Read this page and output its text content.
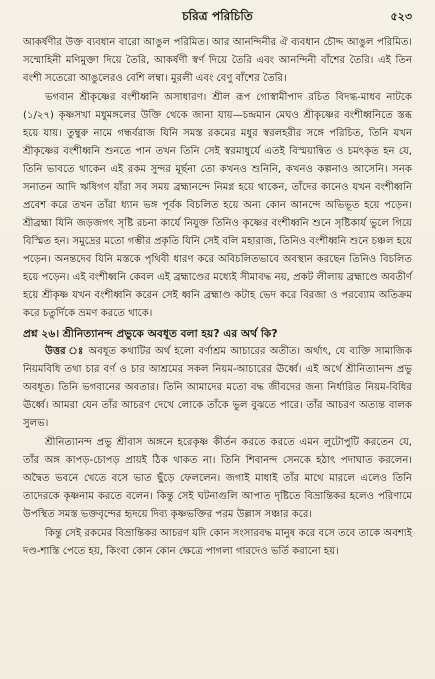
চরিত্র পরিচিতি	৫২৩

আকর্ষণীর উক্ত ব্যবধান বারো আঙুল পরিমিত। আর আনন্দিনীর ঐ ব্যবধান চৌদ্দ আঙুল পরিমিত। সম্মোহিনী মণিমুক্তা দিয়ে তৈরি, আকর্ষণী স্বর্ণ দিয়ে তৈরি এবং আনন্দিনী বাঁশের তৈরি। এই তিন বংশী সতেরো আঙুলেরও বেশি লম্বা। মুরলী এবং বেণু বাঁশের তৈরি।

ভগবান শ্রীকৃষ্ণের বংশীধ্বনি অসাধারণ। শ্রীল রূপ গোস্বামীপাদ রচিত বিদগ্ধ-মাধব নাটকে (১/২৭) কৃষ্ণসখা মধুমঙ্গলের উক্তি থেকে জানা যায়—চন্দ্রমান মেঘও শ্রীকৃষ্ণের বংশীধ্বনিতে স্তব্ধ হয়ে যায়। তুম্বুরু নামে গন্ধর্বরাজ যিনি সমস্ত রকমের মধুর স্বরলহরীর সঙ্গে পরিচিত, তিনি যখন শ্রীকৃষ্ণের বংশীধ্বনি শুনতে পান তখন তিনি সেই স্বরমাধুর্যে এতই বিস্ময়ান্বিত ও চমৎকৃত হন যে, তিনি ভাবতে থাকেন এই রকম সুন্দর মূর্ছনা তো কখনও শুনিনি, কখনও কল্পনাও আসেনি। সনক সনাতন আদি ঋষিগণ যাঁরা সব সময় ব্রহ্মানন্দে নিমগ্ন হয়ে থাকেন, তাঁদের কানেও যখন বংশীধ্বনি প্রবেশ করে তখন তাঁরা ধ্যান ভঙ্গ পূর্বক বিচলিত হয়ে অন্য কোন আনন্দে অভিভূত হয়ে পড়েন। শ্রীব্রহ্মা যিনি জড়জগৎ সৃষ্টি রচনা কার্যে নিযুক্ত তিনিও কৃষ্ণের বংশীধ্বনি শুনে সৃষ্টিকার্য ভুলে গিয়ে বিস্মিত হন। সমুদ্রের মতো গম্ভীর প্রকৃতি যিনি সেই বলি মহারাজ, তিনিও বংশীধ্বনি শুনে চঞ্চল হয়ে পড়েন। অনন্তদেব যিনি মস্তকে পৃথিবী ধারণ করে অবিচলিতভাবে অবস্থান করছেন তিনিও বিচলিত হয়ে পড়েন। এই বংশীধ্বনি কেবল এই ব্রহ্মাণ্ডের মধ্যেই সীমাবদ্ধ নয়, প্রকট লীলায় ব্রহ্মাণ্ডে অবতীর্ণ হয়ে শ্রীকৃষ্ণ যখন বংশীধ্বনি করেন সেই ধ্বনি ব্রহ্মাণ্ড কটাহ ভেদ করে বিরজা ও পরব্যোম অতিক্রম করে চতুর্দিকে ভ্রমণ করতে থাকে।

প্রশ্ন ২৬। শ্রীনিত্যানন্দ প্রভুকে অবধূত বলা হয়? এর অর্থ কি?

উত্তর ঃ অবধূত কথাটির অর্থ হলো বর্ণাশ্রম আচারের অতীত। অর্থাৎ, যে ব্যক্তি সামাজিক নিয়মবিধি তথা চার বর্ণ ও চার আশ্রমের সকল নিয়ম-আচারের ঊর্ধ্বে। এই অর্থে শ্রীনিত্যানন্দ প্রভু অবধূত। তিনি ভগবানের অবতার। তিনি আমাদের মতো বদ্ধ জীবদের জন্য নির্ধারিত নিয়ম-বিধির ঊর্ধ্বে। আমরা যেন তাঁর আচরণ দেখে লোকে তাঁকে ভুল বুঝতে পারে। তাঁর আচরণ অত্যন্ত বালক সুলভ।

শ্রীনিত্যানন্দ প্রভু শ্রীবাস অঙ্গনে হরেকৃষ্ণ কীর্তন করতে করতে এমন লুটোপুটি করতেন যে, তাঁর অঙ্গ কাপড়-চোপড় প্রায়ই ঠিক থাকত না। তিনি শিবানন্দ সেনকে হঠাৎ পদাঘাত করলেন। অদ্বৈত ভবনে খেতে বসে ভাত ছুঁড়ে ফেললেন। জগাই মাধাই তাঁর মাথে মারলে এলেও তিনি তাদেরকে কৃষ্ণনাম করতে বলেন। কিন্তু সেই ঘটনাগুলি আপাত দৃষ্টিতে বিভ্রান্তিকর হলেও পরিণামে উপস্থিত সমস্ত ভক্তবৃন্দের হৃদয়ে দিব্য কৃষ্ণভক্তির পরম উল্লাস সঞ্চার করে।

কিন্তু সেই রকমের বিভ্রান্তিকর আচরণ যদি কোন সংসারবদ্ধ মানুষ করে বসে তবে তাকে অবশ্যই দণ্ড-শাস্তি পেতে হয়, কিংবা কোন কোন ক্ষেত্রে পাগলা গারদেও ভর্তি করানো হয়।
